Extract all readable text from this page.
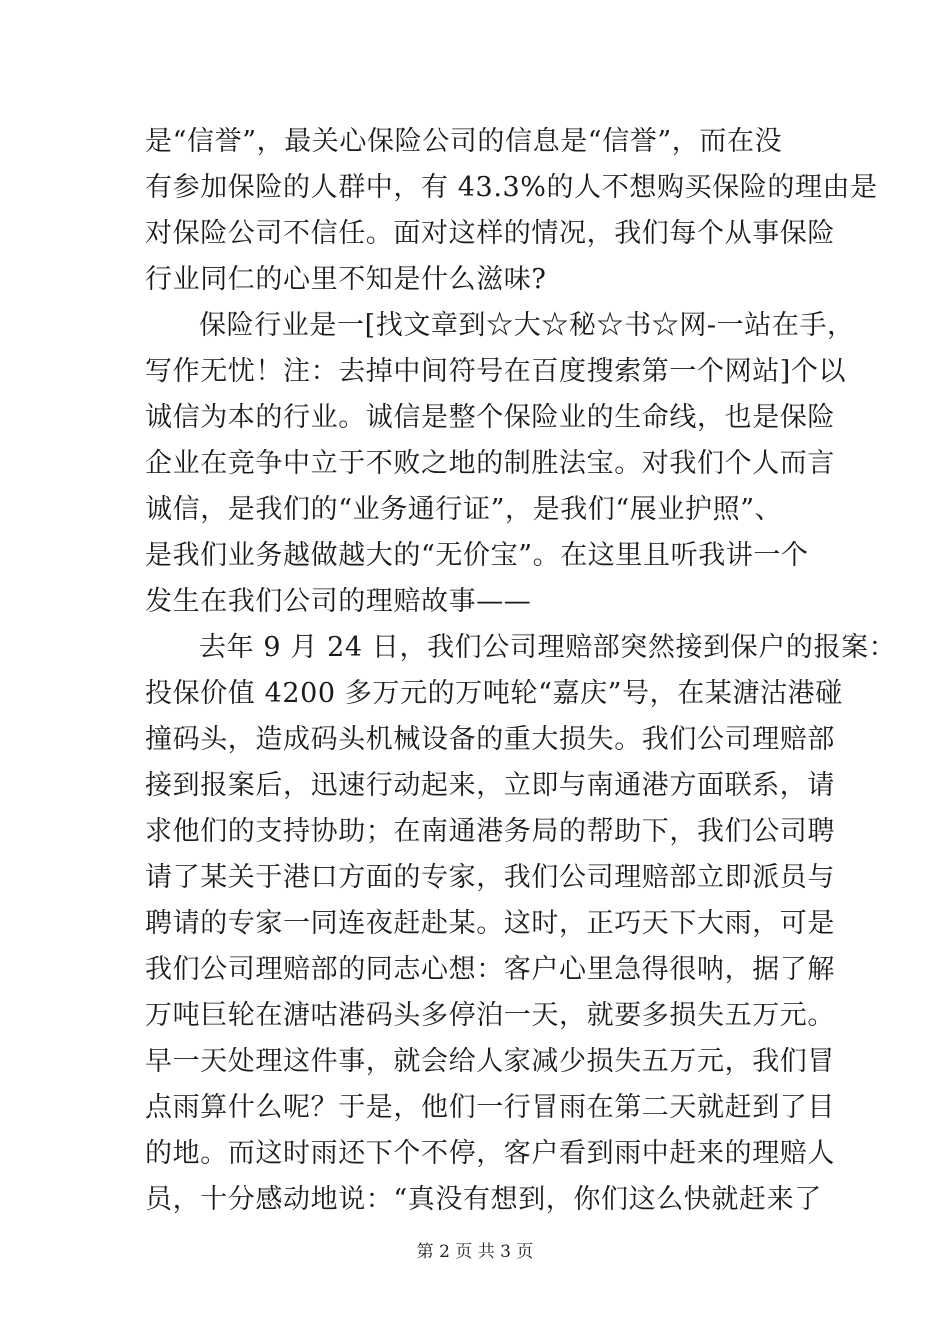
是“信誉”，最关心保险公司的信息是“信誉”，而在没
有参加保险的人群中，有 43.3%的人不想购买保险的理由是
对保险公司不信任。面对这样的情况，我们每个从事保险
行业同仁的心里不知是什么滋味?
保险行业是一[找文章到☆大☆秘☆书☆网-一站在手，
写作无忧！注：去掉中间符号在百度搜索第一个网站]个以
诚信为本的行业。诚信是整个保险业的生命线，也是保险
企业在竞争中立于不败之地的制胜法宝。对我们个人而言
诚信，是我们的“业务通行证”，是我们“展业护照”、
是我们业务越做越大的“无价宝”。在这里且听我讲一个
发生在我们公司的理赔故事——
去年 9 月 24 日，我们公司理赔部突然接到保户的报案：
投保价值 4200 多万元的万吨轮“嘉庆”号，在某溏沽港碰
撞码头，造成码头机械设备的重大损失。我们公司理赔部
接到报案后，迅速行动起来，立即与南通港方面联系，请
求他们的支持协助；在南通港务局的帮助下，我们公司聘
请了某关于港口方面的专家，我们公司理赔部立即派员与
聘请的专家一同连夜赶赴某。这时，正巧天下大雨，可是
我们公司理赔部的同志心想：客户心里急得很呐，据了解
万吨巨轮在溏咕港码头多停泊一天，就要多损失五万元。
早一天处理这件事，就会给人家减少损失五万元，我们冒
点雨算什么呢？于是，他们一行冒雨在第二天就赶到了目
的地。而这时雨还下个不停，客户看到雨中赶来的理赔人
员，十分感动地说：“真没有想到，你们这么快就赶来了
第 2 页 共 3 页
